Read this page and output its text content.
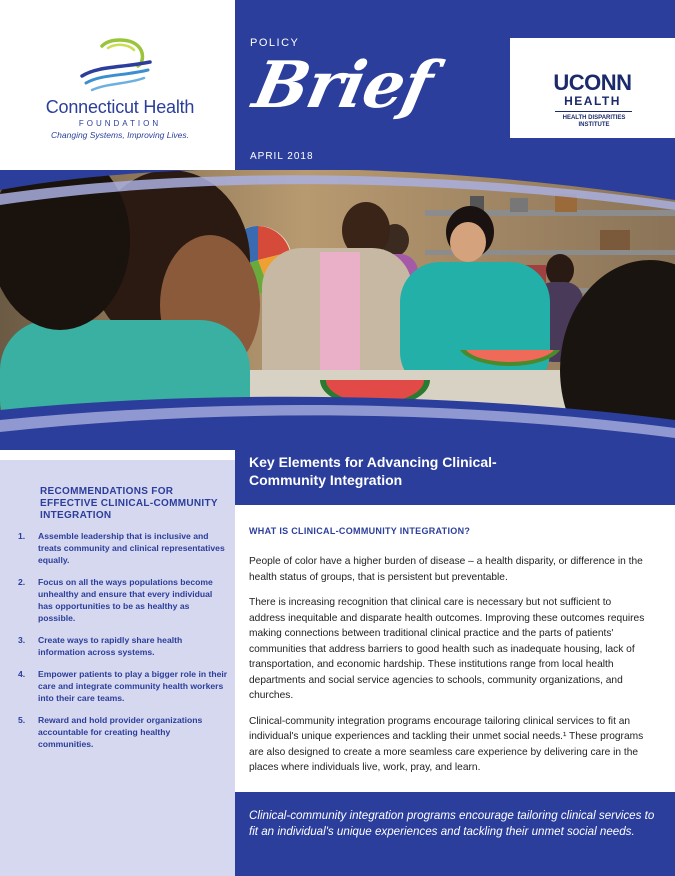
Connecticut Health
FOUNDATION
Changing Systems, Improving Lives.
POLICY
Brief
APRIL 2018
UCONN
HEALTH
HEALTH DISPARITIES INSTITUTE
RECOMMENDATIONS FOR EFFECTIVE CLINICAL-COMMUNITY INTEGRATION
1. Assemble leadership that is inclusive and treats community and clinical representatives equally.
2. Focus on all the ways populations become unhealthy and ensure that every individual has opportunities to be as healthy as possible.
3. Create ways to rapidly share health information across systems.
4. Empower patients to play a bigger role in their care and integrate community health workers into their care teams.
5. Reward and hold provider organizations accountable for creating healthy communities.
Key Elements for Advancing Clinical-Community Integration
WHAT IS CLINICAL-COMMUNITY INTEGRATION?

People of color have a higher burden of disease – a health disparity, or difference in the health status of groups, that is persistent but preventable.

There is increasing recognition that clinical care is necessary but not sufficient to address inequitable and disparate health outcomes. Improving these outcomes requires making connections between traditional clinical practice and the parts of patients' communities that address barriers to good health such as inadequate housing, lack of transportation, and economic hardship. These institutions range from local health departments and social service agencies to schools, community organizations, and churches.

Clinical-community integration programs encourage tailoring clinical services to fit an individual's unique experiences and tackling their unmet social needs.¹ These programs are also designed to create a more seamless care experience by delivering care in the places where individuals live, work, pray, and learn.

Clinical-community integration programs encourage tailoring clinical services to fit an individual's unique experiences and tackling their unmet social needs.
